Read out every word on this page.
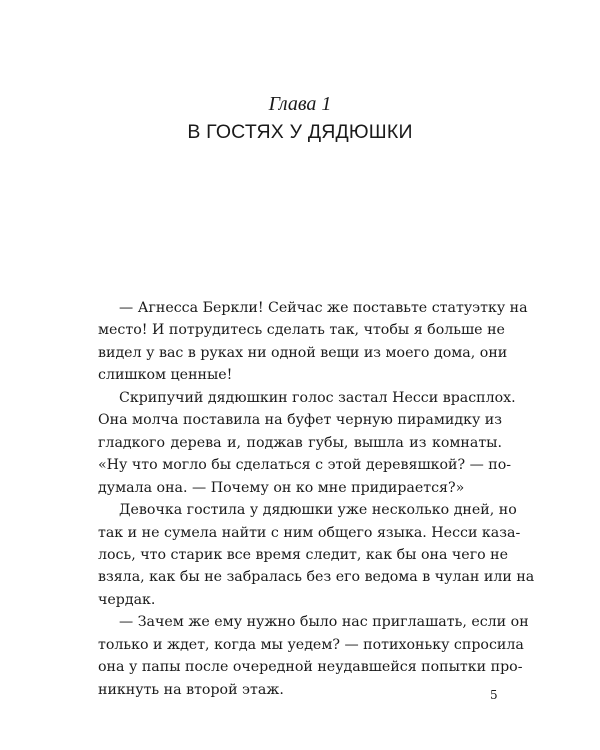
Глава 1
В ГОСТЯХ У ДЯДЮШКИ
— Агнесса Беркли! Сейчас же поставьте статуэтку на
место! И потрудитесь сделать так, чтобы я больше не
видел у вас в руках ни одной вещи из моего дома, они
слишком ценные!
Скрипучий дядюшкин голос застал Несси врасплох.
Она молча поставила на буфет черную пирамидку из
гладкого дерева и, поджав губы, вышла из комнаты.
«Ну что могло бы сделаться с этой деревяшкой? — по-
думала она. — Почему он ко мне придирается?»
Девочка гостила у дядюшки уже несколько дней, но
так и не сумела найти с ним общего языка. Несси каза-
лось, что старик все время следит, как бы она чего не
взяла, как бы не забралась без его ведома в чулан или на
чердак.
— Зачем же ему нужно было нас приглашать, если он
только и ждет, когда мы уедем? — потихоньку спросила
она у папы после очередной неудавшейся попытки про-
никнуть на второй этаж.	5
